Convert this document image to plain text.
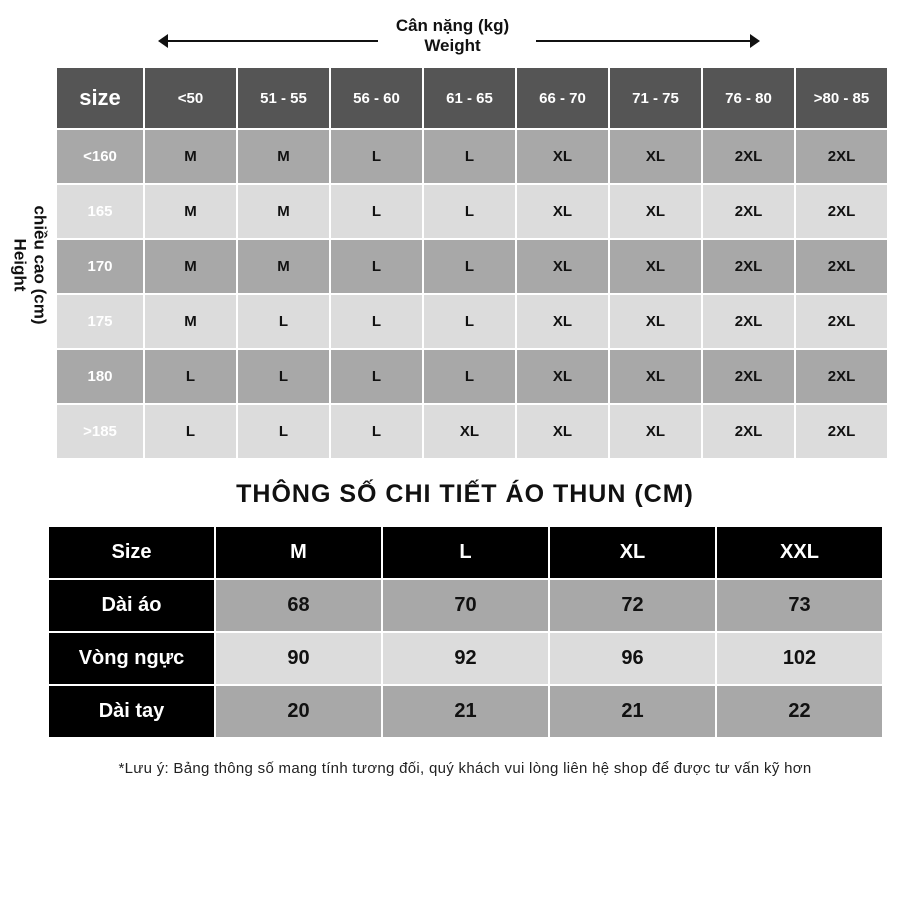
Cân nặng (kg)
Weight
chiều cao (cm)
Height
size	<50	51 - 55	56 - 60	61 - 65	66 - 70	71 - 75	76 - 80	>80 - 85
<160	M	M	L	L	XL	XL	2XL	2XL
165	M	M	L	L	XL	XL	2XL	2XL
170	M	M	L	L	XL	XL	2XL	2XL
175	M	L	L	L	XL	XL	2XL	2XL
180	L	L	L	L	XL	XL	2XL	2XL
>185	L	L	L	XL	XL	XL	2XL	2XL
THÔNG SỐ CHI TIẾT ÁO THUN (CM)
Size	M	L	XL	XXL
Dài áo	68	70	72	73
Vòng ngực	90	92	96	102
Dài tay	20	21	21	22
*Lưu ý: Bảng thông số mang tính tương đối, quý khách vui lòng liên hệ shop để được tư vấn kỹ hơn
